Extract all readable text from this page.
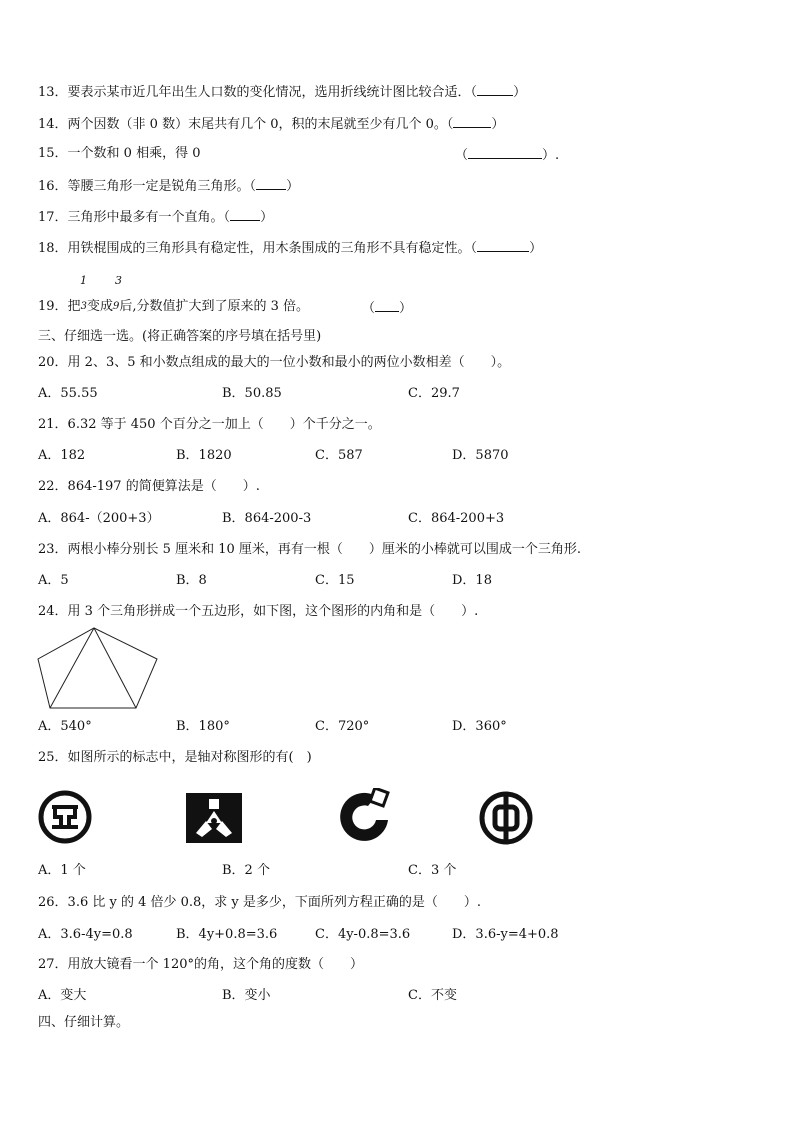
13．要表示某市近几年出生人口数的变化情况，选用折线统计图比较合适．（	）
14．两个因数（非 0 数）末尾共有几个 0，积的末尾就至少有几个 0。（	）
15．一个数和 0 相乘，得 0	（	）.
16．等腰三角形一定是锐角三角形。（ ）
17．三角形中最多有一个直角。（ ）
18．用铁棍围成的三角形具有稳定性，用木条围成的三角形不具有稳定性。（	）
1	3
19．把$^3$变成$^9$后,分数值扩大到了原来的 3 倍。	（ ）
三、仔细选一选。(将正确答案的序号填在括号里)
20．用 2、3、5 和小数点组成的最大的一位小数和最小的两位小数相差（　　）。
A．55.55	B．50.85	C．29.7
21．6.32 等于 450 个百分之一加上（　　）个千分之一。
A．182	B．1820	C．587	D．5870
22．864-197 的简便算法是（　　）.
A．864-（200+3）	B．864-200-3	C．864-200+3
23．两根小棒分别长 5 厘米和 10 厘米，再有一根（　　）厘米的小棒就可以围成一个三角形.
A．5	B．8	C．15	D．18
24．用 3 个三角形拼成一个五边形，如下图，这个图形的内角和是（　　）.
A．540°	B．180°	C．720°	D．360°
25．如图所示的标志中，是轴对称图形的有(　)
A．1 个	B．2 个	C．3 个
26．3.6 比 y 的 4 倍少 0.8，求 y 是多少，下面所列方程正确的是（　　）.
A．3.6-4y=0.8	B．4y+0.8=3.6	C．4y-0.8=3.6	D．3.6-y=4+0.8
27．用放大镜看一个 120°的角，这个角的度数（　　）
A．变大	B．变小	C．不变
四、仔细计算。
